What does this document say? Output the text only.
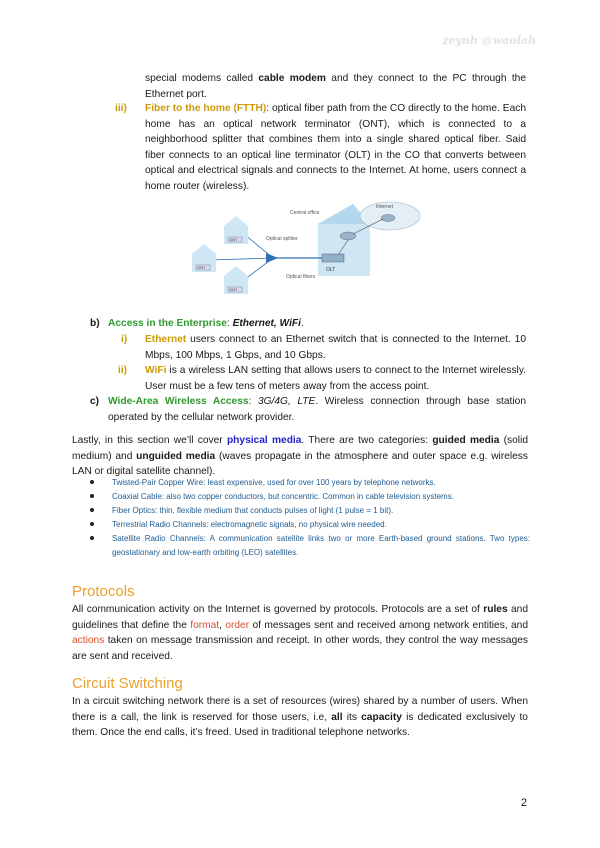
zeynh @waolah
special modems called cable modem and they connect to the PC through the Ethernet port.
iii) Fiber to the home (FTTH): optical fiber path from the CO directly to the home. Each home has an optical network terminator (ONT), which is connected to a neighborhood splitter that combines them into a single shared optical fiber. Said fiber connects to an optical line terminator (OLT) in the CO that converts between optical and electrical signals and connects to the Internet. At home, users connect a home router (wireless).
Internet
Central office
OLT
Optical splitter
Optical fibers
ONT
ONT
ONT
b) Access in the Enterprise: Ethernet, WiFi.
i) Ethernet users connect to an Ethernet switch that is connected to the Internet. 10 Mbps, 100 Mbps, 1 Gbps, and 10 Gbps.
ii) WiFi is a wireless LAN setting that allows users to connect to the Internet wirelessly. User must be a few tens of meters away from the access point.
c) Wide-Area Wireless Access: 3G/4G, LTE. Wireless connection through base station operated by the cellular network provider.
Lastly, in this section we’ll cover physical media. There are two categories: guided media (solid medium) and unguided media (waves propagate in the atmosphere and outer space e.g. wireless LAN or digital satellite channel).
Twisted-Pair Copper Wire: least expensive, used for over 100 years by telephone networks.
Coaxial Cable: also two copper conductors, but concentric. Common in cable television systems.
Fiber Optics: thin, flexible medium that conducts pulses of light (1 pulse = 1 bit).
Terrestrial Radio Channels: electromagnetic signals, no physical wire needed.
Satellite Radio Channels: A communication satellite links two or more Earth-based ground stations. Two types: geostationary and low-earth orbiting (LEO) satellites.
Protocols
All communication activity on the Internet is governed by protocols. Protocols are a set of rules and guidelines that define the format, order of messages sent and received among network entities, and actions taken on message transmission and receipt. In other words, they control the way messages are sent and received.
Circuit Switching
In a circuit switching network there is a set of resources (wires) shared by a number of users. When there is a call, the link is reserved for those users, i.e, all its capacity is dedicated exclusively to them. Once the end calls, it’s freed. Used in traditional telephone networks.
2
